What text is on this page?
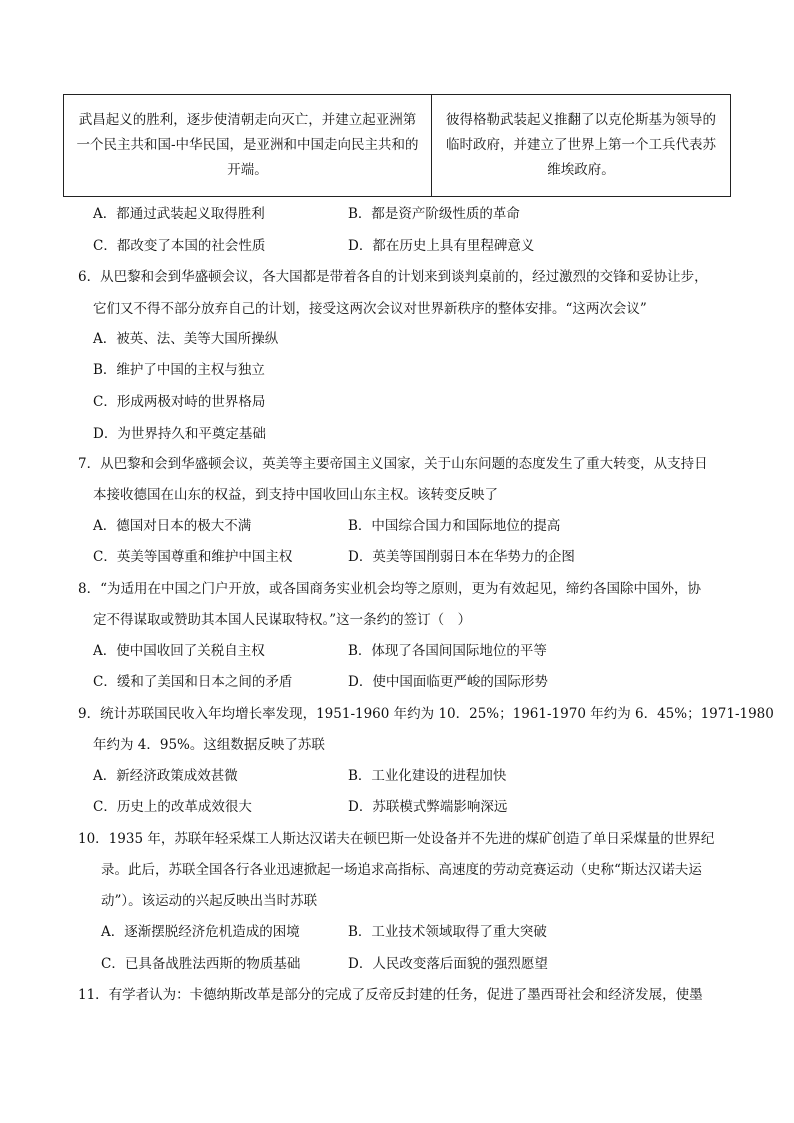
武昌起义的胜利，逐步使清朝走向灭亡，并建立起亚洲第
一个民主共和国-中华民国，是亚洲和中国走向民主共和的
开端。
彼得格勒武装起义推翻了以克伦斯基为领导的
临时政府，并建立了世界上第一个工兵代表苏
维埃政府。
A．都通过武装起义取得胜利	B．都是资产阶级性质的革命
C．都改变了本国的社会性质	D．都在历史上具有里程碑意义
6．从巴黎和会到华盛顿会议，各大国都是带着各自的计划来到谈判桌前的，经过激烈的交锋和妥协让步，
它们又不得不部分放弃自己的计划，接受这两次会议对世界新秩序的整体安排。“这两次会议”
A．被英、法、美等大国所操纵
B．维护了中国的主权与独立
C．形成两极对峙的世界格局
D．为世界持久和平奠定基础
7．从巴黎和会到华盛顿会议，英美等主要帝国主义国家，关于山东问题的态度发生了重大转变，从支持日
本接收德国在山东的权益，到支持中国收回山东主权。该转变反映了
A．德国对日本的极大不满	B．中国综合国力和国际地位的提高
C．英美等国尊重和维护中国主权	D．英美等国削弱日本在华势力的企图
8．“为适用在中国之门户开放，或各国商务实业机会均等之原则，更为有效起见，缔约各国除中国外，协
定不得谋取或赞助其本国人民谋取特权。”这一条约的签订（　）
A．使中国收回了关税自主权	B．体现了各国间国际地位的平等
C．缓和了美国和日本之间的矛盾	D．使中国面临更严峻的国际形势
9．统计苏联国民收入年均增长率发现，1951-1960 年约为 10．25%；1961-1970 年约为 6．45%；1971-1980
年约为 4．95%。这组数据反映了苏联
A．新经济政策成效甚微	B．工业化建设的进程加快
C．历史上的改革成效很大	D．苏联模式弊端影响深远
10．1935 年，苏联年轻采煤工人斯达汉诺夫在顿巴斯一处设备并不先进的煤矿创造了单日采煤量的世界纪
录。此后，苏联全国各行各业迅速掀起一场追求高指标、高速度的劳动竞赛运动（史称“斯达汉诺夫运
动”）。该运动的兴起反映出当时苏联
A．逐渐摆脱经济危机造成的困境	B．工业技术领域取得了重大突破
C．已具备战胜法西斯的物质基础	D．人民改变落后面貌的强烈愿望
11．有学者认为：卡德纳斯改革是部分的完成了反帝反封建的任务，促进了墨西哥社会和经济发展，使墨
